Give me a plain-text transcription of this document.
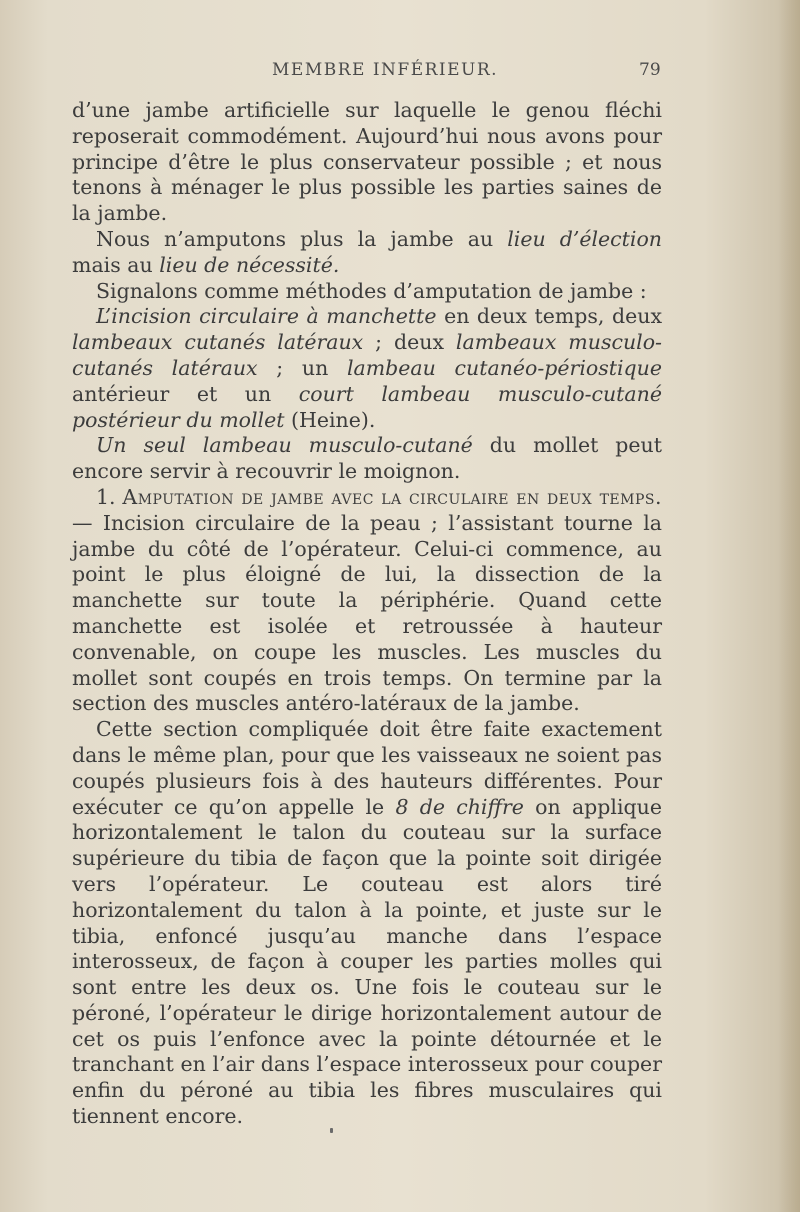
MEMBRE INFÉRIEUR.	79

d’une jambe artificielle sur laquelle le genou fléchi reposerait commodément. Aujourd’hui nous avons pour principe d’être le plus conservateur possible ; et nous tenons à ménager le plus possible les parties saines de la jambe.

Nous n’amputons plus la jambe au lieu d’élection mais au lieu de nécessité.

Signalons comme méthodes d’amputation de jambe :

L’incision circulaire à manchette en deux temps, deux lambeaux cutanés latéraux ; deux lambeaux musculo-cutanés latéraux ; un lambeau cutanéo-périostique antérieur et un court lambeau musculo-cutané postérieur du mollet (Heine).

Un seul lambeau musculo-cutané du mollet peut encore servir à recouvrir le moignon.

1. Amputation de jambe avec la circulaire en deux temps. — Incision circulaire de la peau ; l’assistant tourne la jambe du côté de l’opérateur. Celui-ci commence, au point le plus éloigné de lui, la dissection de la manchette sur toute la périphérie. Quand cette manchette est isolée et retroussée à hauteur convenable, on coupe les muscles. Les muscles du mollet sont coupés en trois temps. On termine par la section des muscles antéro-latéraux de la jambe.

Cette section compliquée doit être faite exactement dans le même plan, pour que les vaisseaux ne soient pas coupés plusieurs fois à des hauteurs différentes. Pour exécuter ce qu’on appelle le 8 de chiffre on applique horizontalement le talon du couteau sur la surface supérieure du tibia de façon que la pointe soit dirigée vers l’opérateur. Le couteau est alors tiré horizontalement du talon à la pointe, et juste sur le tibia, enfoncé jusqu’au manche dans l’espace interosseux, de façon à couper les parties molles qui sont entre les deux os. Une fois le couteau sur le péroné, l’opérateur le dirige horizontalement autour de cet os puis l’enfonce avec la pointe détournée et le tranchant en l’air dans l’espace interosseux pour couper enfin du péroné au tibia les fibres musculaires qui tiennent encore.
